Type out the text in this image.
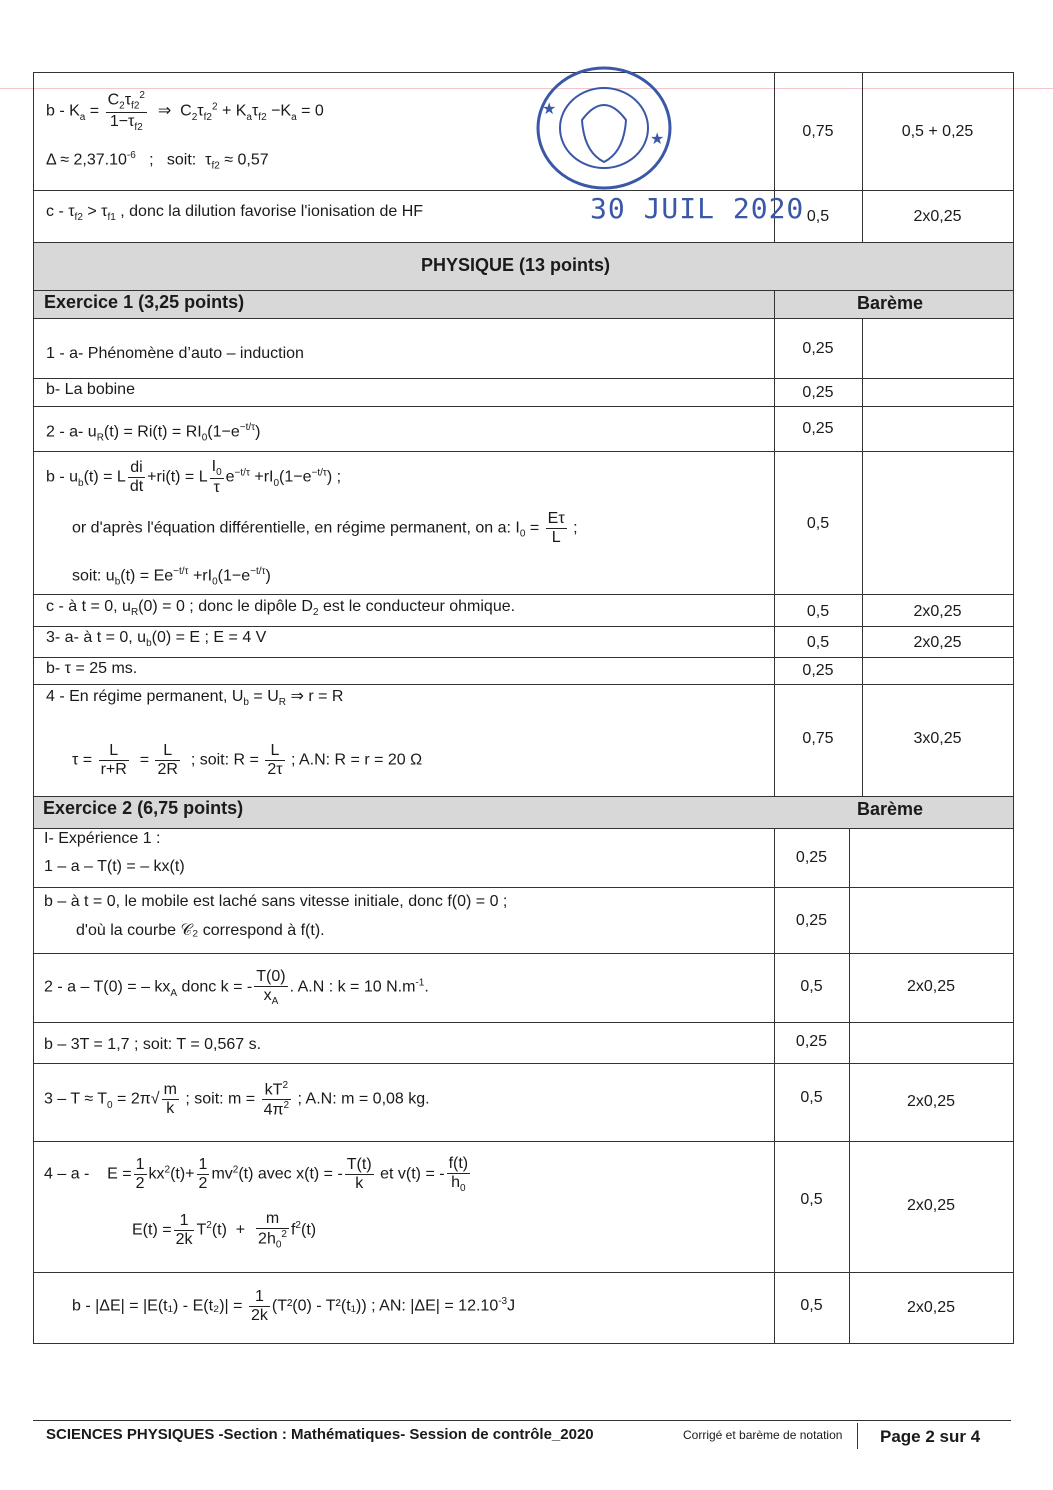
$b - K_a = \frac{C_2\tau_{f2}^2}{1-\tau_{f2}}$ ⇒  $C_2\tau_{f2}^2 + K_a\tau_{f2} -K_a = 0$
$\Delta \approx 2,37.10^{-6}$   ;   soit:  $\tau_{f2} \approx 0,57$
0,75	0,5 + 0,25
$c - \tau_{f2} > \tau_{f1}$ , donc la dilution favorise l'ionisation de HF	0,5	2x0,25
★
★
30 JUIL 2020
PHYSIQUE (13 points)
Exercice 1 (3,25 points)	Barème
1 - a- Phénomène d’auto – induction	0,25
b- La bobine	0,25
2 - a- $u_R(t) = Ri(t) = RI_0(1-e^{-t/\tau})$	0,25
$b - u_b(t) = L \frac{di}{dt} +ri(t) = L \frac{I_0}{\tau} e^{-t/\tau} +rI_0(1-e^{-t/\tau})$ ;
or d'après l'équation différentielle, en régime permanent, on a: $I_0 = \frac{E\tau}{L}$ ;
soit: $u_b(t) = Ee^{-t/\tau} +rI_0(1-e^{-t/\tau})$
0,5
c - à t = 0, $u_R(0) = 0$ ; donc le dipôle $D_2$ est le conducteur ohmique.	0,5	2x0,25
3- a- à t = 0, $u_b(0) = E$ ; E = 4 V	0,5	2x0,25
b- τ = 25 ms.	0,25
4 - En régime permanent, $U_b = U_R$ ⇒ r = R
$\tau = \frac{L}{r+R} = \frac{L}{2R}$ ; soit: $R = \frac{L}{2\tau}$ ; A.N: R = r = 20 Ω
0,75	3x0,25
Exercice 2 (6,75 points)	Barème
I- Expérience 1 :
1 – a – T(t) = – kx(t)
0,25
b – à t = 0, le mobile est laché sans vitesse initiale, donc f(0) = 0 ;
d'où la courbe 𝒞₂ correspond à f(t).
0,25
2 - a – T(0) = – $kx_A$ donc k = - $\frac{T(0)}{x_A}$ . A.N : k = 10 $N.m^{-1}$.	0,5	2x0,25
b – 3T = 1,7 ; soit: T = 0,567 s.	0,25
$3 - T \approx T_0 = 2\pi√ \frac{m}{k}$ ; soit: $m = \frac{kT^2}{4\pi^2}$ ; A.N: m = 0,08 kg.	0,5	2x0,25
$4 - a - E = \frac{1}{2} kx^2(t)+ \frac{1}{2} mv^2(t)$ avec x(t) = - $\frac{T(t)}{k}$ et v(t) = - $\frac{f(t)}{h_0}$
$E(t) = \frac{1}{2k} T^2(t) + \frac{m}{2h_0^2} f^2(t)$
0,5	2x0,25
$b - |\Delta E| = |E(t_1) - E(t_2)| = \frac{1}{2k} (T^2(0) - T^2(t_1))$ ; AN: $|\Delta E| = 12.10^{-3}J$	0,5	2x0,25
SCIENCES PHYSIQUES -Section : Mathématiques- Session de contrôle_2020	Corrigé et barème de notation Page 2 sur 4
